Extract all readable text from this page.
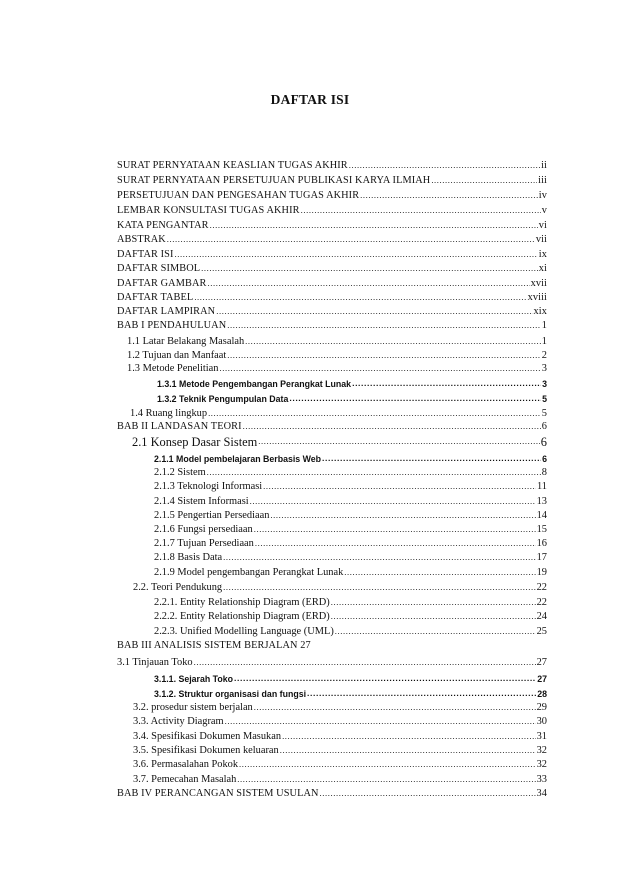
DAFTAR ISI
SURAT PERNYATAAN KEASLIAN TUGAS AKHIR .....	ii
SURAT PERNYATAAN PERSETUJUAN PUBLIKASI KARYA ILMIAH .....	iii
PERSETUJUAN DAN PENGESAHAN TUGAS AKHIR .....	iv
LEMBAR KONSULTASI TUGAS AKHIR .....	v
KATA PENGANTAR .....	vi
ABSTRAK .....	vii
DAFTAR ISI .....	ix
DAFTAR SIMBOL .....	xi
DAFTAR GAMBAR .....	xvii
DAFTAR TABEL .....	xviii
DAFTAR LAMPIRAN .....	xix
BAB I PENDAHULUAN .....	1
1.1 Latar Belakang Masalah .....	1
1.2 Tujuan dan Manfaat .....	2
1.3 Metode Penelitian .....	3
1.3.1 Metode Pengembangan Perangkat Lunak .....	3
1.3.2 Teknik Pengumpulan Data .....	5
1.4 Ruang lingkup .....	5
BAB II LANDASAN TEORI .....	6
2.1 Konsep Dasar Sistem .....	6
2.1.1 Model pembelajaran Berbasis Web .....	6
2.1.2 Sistem .....	8
2.1.3 Teknologi Informasi .....	11
2.1.4 Sistem Informasi .....	13
2.1.5 Pengertian Persediaan .....	14
2.1.6 Fungsi persediaan .....	15
2.1.7 Tujuan Persediaan .....	16
2.1.8 Basis Data .....	17
2.1.9 Model pengembangan Perangkat Lunak .....	19
2.2. Teori Pendukung .....	22
2.2.1. Entity Relationship Diagram (ERD) .....	22
2.2.2. Entity Relationship Diagram (ERD) .....	24
2.2.3. Unified Modelling Language (UML) .....	25
BAB III ANALISIS SISTEM BERJALAN 27
3.1 Tinjauan Toko .....	27
3.1.1. Sejarah Toko .....	27
3.1.2. Struktur organisasi dan fungsi .....	28
3.2. prosedur sistem berjalan .....	29
3.3. Activity Diagram .....	30
3.4. Spesifikasi Dokumen Masukan .....	31
3.5. Spesifikasi Dokumen keluaran .....	32
3.6. Permasalahan Pokok .....	32
3.7. Pemecahan Masalah .....	33
BAB IV PERANCANGAN SISTEM USULAN .....	34
